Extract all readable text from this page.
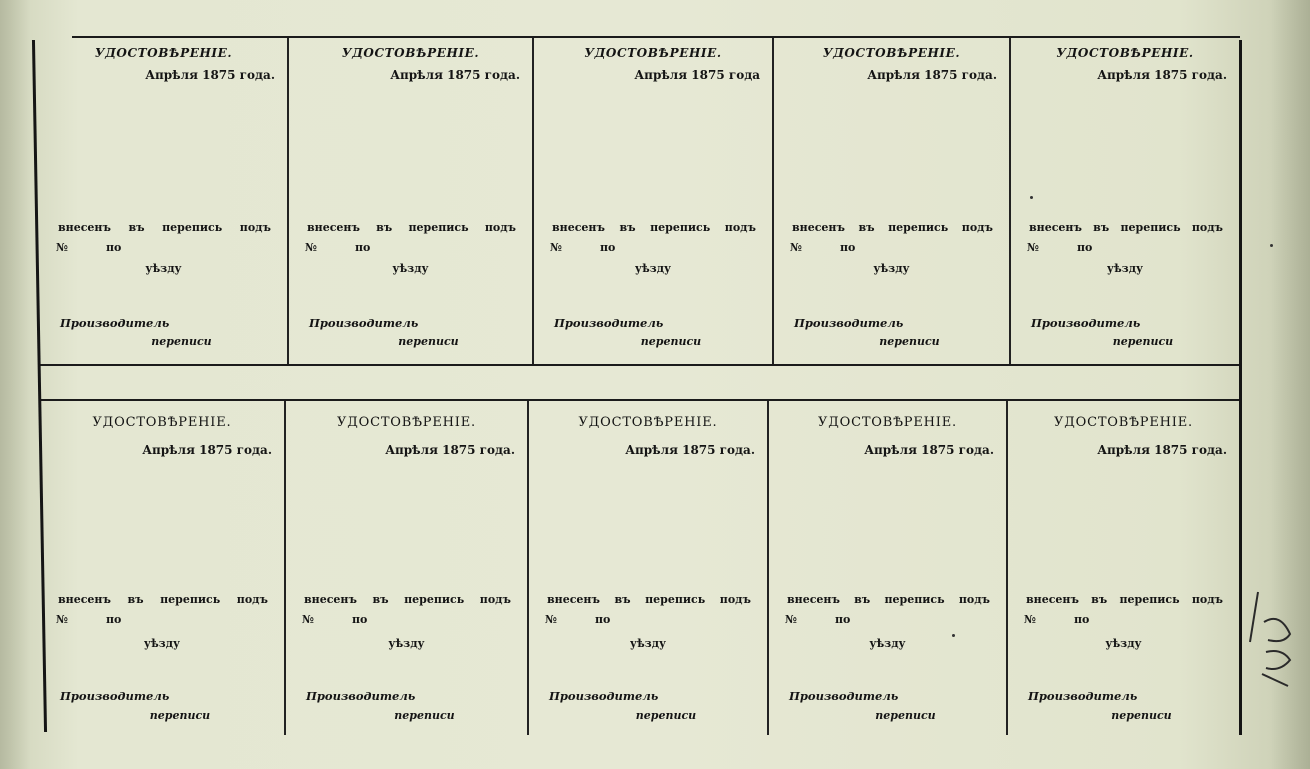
УДОСТОВѢРЕНІЕ.
Апрѣля 1875 года.
внесенъ въ перепись подъ
№	по
уѣзду
Производитель
переписи
УДОСТОВѢРЕНІЕ.
Апрѣля 1875 года.
внесенъ въ перепись подъ
№	по
уѣзду
Производитель
переписи
УДОСТОВѢРЕНІЕ.
Апрѣля 1875 года
внесенъ въ перепись подъ
№	по
уѣзду
Производитель
переписи
УДОСТОВѢРЕНІЕ.
Апрѣля 1875 года.
внесенъ въ перепись подъ
№	по
уѣзду
Производитель
переписи
УДОСТОВѢРЕНІЕ.
Апрѣля 1875 года.
внесенъ въ перепись подъ
№	по
уѣзду
Производитель
переписи
УДОСТОВѢРЕНІЕ.
Апрѣля 1875 года.
внесенъ въ перепись подъ
№	по
уѣзду
Производитель
переписи
УДОСТОВѢРЕНІЕ.
Апрѣля 1875 года.
внесенъ въ перепись подъ
№	по
уѣзду
Производитель
переписи
УДОСТОВѢРЕНІЕ.
Апрѣля 1875 года.
внесенъ въ перепись подъ
№	по
уѣзду
Производитель
переписи
УДОСТОВѢРЕНІЕ.
Апрѣля 1875 года.
внесенъ въ перепись подъ
№	по
уѣзду
Производитель
переписи
УДОСТОВѢРЕНІЕ.
Апрѣля 1875 года.
внесенъ въ перепись подъ
№	по
уѣзду
Производитель
переписи
